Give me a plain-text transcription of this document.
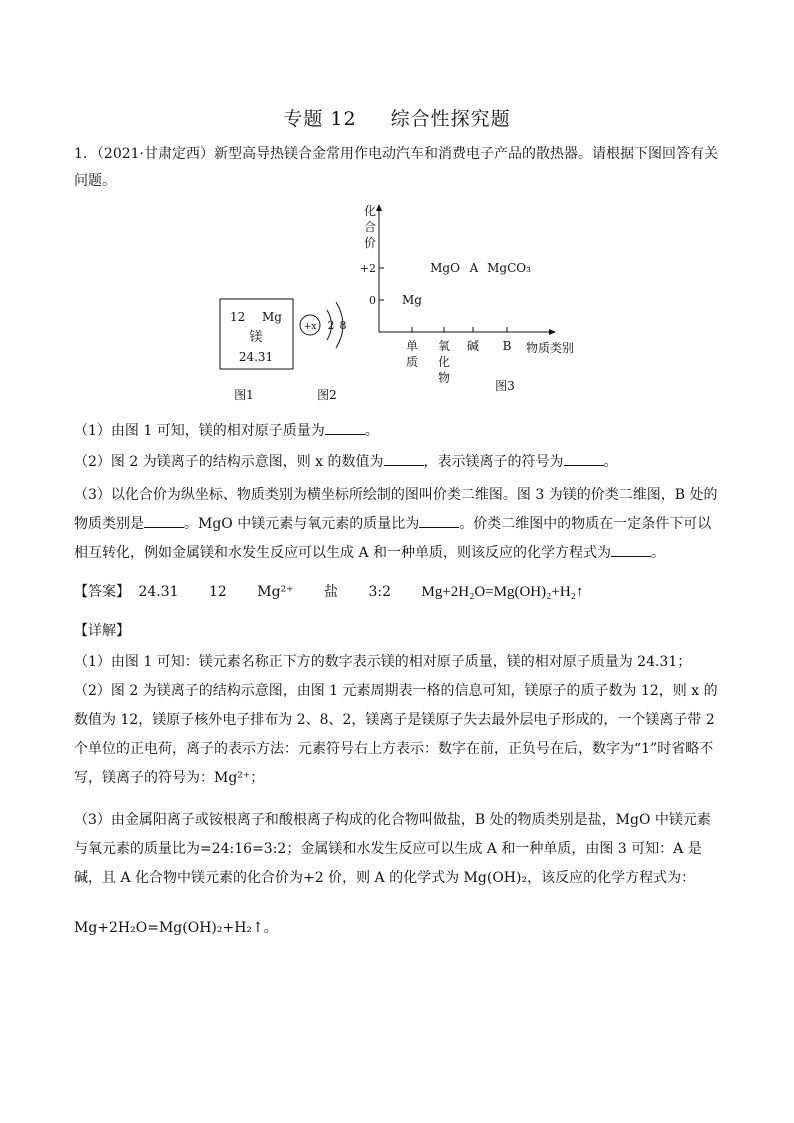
专题 12 综合性探究题
1．（2021·甘肃定西）新型高导热镁合金常用作电动汽车和消费电子产品的散热器。请根据下图回答有关问题。
12 Mg
镁
24.31
图1
+x 2 8
图2
化
合
价
+2
0
图3
物质类别
单
质
氧
化
物
碱 B
Mg
MgO A MgCO₃
（1）由图 1 可知，镁的相对原子质量为	。
（2）图 2 为镁离子的结构示意图，则 x 的数值为	，表示镁离子的符号为	。
（3）以化合价为纵坐标、物质类别为横坐标所绘制的图叫价类二维图。图 3 为镁的价类二维图，B 处的物质类别是	。MgO 中镁元素与氧元素的质量比为	。价类二维图中的物质在一定条件下可以相互转化，例如金属镁和水发生反应可以生成 A 和一种单质，则该反应的化学方程式为	。
【答案】 24.31 12 Mg²⁺ 盐 3:2 Mg+2H₂O=Mg(OH)₂+H₂↑
【详解】
（1）由图 1 可知：镁元素名称正下方的数字表示镁的相对原子质量，镁的相对原子质量为 24.31；
（2）图 2 为镁离子的结构示意图，由图 1 元素周期表一格的信息可知，镁原子的质子数为 12，则 x 的数值为 12，镁原子核外电子排布为 2、8、2，镁离子是镁原子失去最外层电子形成的，一个镁离子带 2 个单位的正电荷，离子的表示方法：元素符号右上方表示：数字在前，正负号在后，数字为“1”时省略不写，镁离子的符号为：Mg²⁺；
（3）由金属阳离子或铵根离子和酸根离子构成的化合物叫做盐，B 处的物质类别是盐，MgO 中镁元素与氧元素的质量比为=24:16=3:2；金属镁和水发生反应可以生成 A 和一种单质，由图 3 可知：A 是碱，且 A 化合物中镁元素的化合价为+2 价，则 A 的化学式为 Mg(OH)₂，该反应的化学方程式为：
Mg+2H₂O=Mg(OH)₂+H₂↑。
